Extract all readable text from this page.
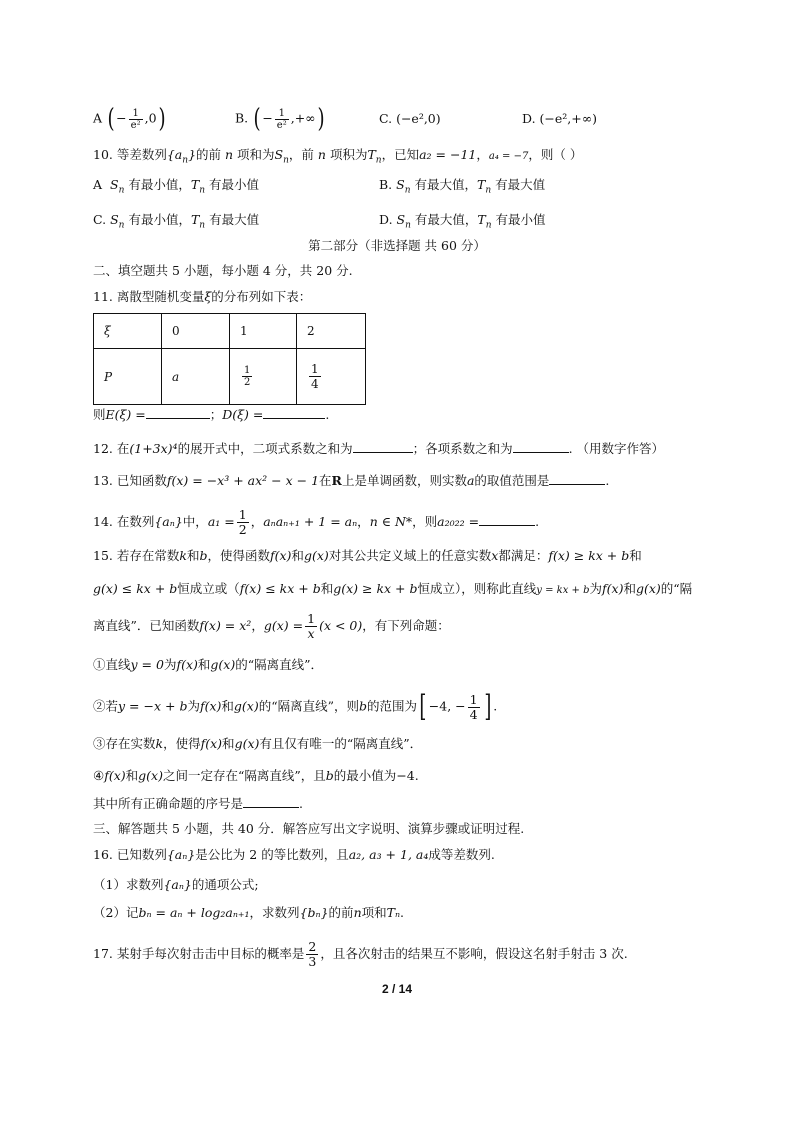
A ( − $\frac{1}{\text{e²}} ,0$)	B. ( − $\frac{1}{\text{e²}}$ ,+∞)	C. (−e²,0)	D. (−e²,+∞)
10. 等差数列$\{a_n\}$的前 n 项和为$S_n$，前 n 项积为$T_n$，已知a₂ = −11，a₄ = −7，则（ ）
A $S_n$ 有最小值，$T_n$ 有最小值	B. $S_n$ 有最大值，$T_n$ 有最大值
C. $S_n$ 有最小值，$T_n$ 有最大值	D. $S_n$ 有最大值，$T_n$ 有最小值
第二部分（非选择题 共 60 分）
二、填空题共 5 小题，每小题 4 分，共 20 分.
11. 离散型随机变量ξ的分布列如下表：
ξ	0	1	2
P	a	$\frac{1}{2}$	$\frac{1}{4}$
则E(ξ) =	；D(ξ) =	.
12. 在(1+3x)⁴的展开式中，二项式系数之和为	；各项系数之和为	. （用数字作答）
13. 已知函数f(x) = −x³ + ax² − x − 1在R上是单调函数，则实数a的取值范围是	.
14. 在数列{aₙ}中，$a_1 = \frac{1}{2}$ ，aₙaₙ₊₁ + 1 = aₙ，n ∈ N*，则a₂₀₂₂ =	.
15. 若存在常数k和b，使得函数f(x)和g(x)对其公共定义域上的任意实数x都满足：f(x) ≥ kx + b和
g(x) ≤ kx + b恒成立或（f(x) ≤ kx + b和g(x) ≥ kx + b恒成立），则称此直线y = kx + b为f(x)和g(x)的“隔
离直线”．已知函数f(x) = x²，$g(x) = \frac{1}{x} (x < 0)$，有下列命题：
①直线y = 0为f(x)和g(x)的“隔离直线”．
②若y = −x + b为f(x)和g(x)的“隔离直线”，则b的范围为[ −4, − $\frac{1}{4}$ ] .
③存在实数k，使得f(x)和g(x)有且仅有唯一的“隔离直线”．
④f(x)和g(x)之间一定存在“隔离直线”，且b的最小值为−4.
其中所有正确命题的序号是	.
三、解答题共 5 小题，共 40 分．解答应写出文字说明、演算步骤或证明过程.
16. 已知数列{aₙ}是公比为 2 的等比数列，且a₂, a₃ + 1, a₄成等差数列.
（1）求数列{aₙ}的通项公式;
（2）记bₙ = aₙ + log₂aₙ₊₁，求数列{bₙ}的前n项和Tₙ.
17. 某射手每次射击击中目标的概率是 $\frac{2}{3}$ ，且各次射击的结果互不影响，假设这名射手射击 3 次.
2 / 14
